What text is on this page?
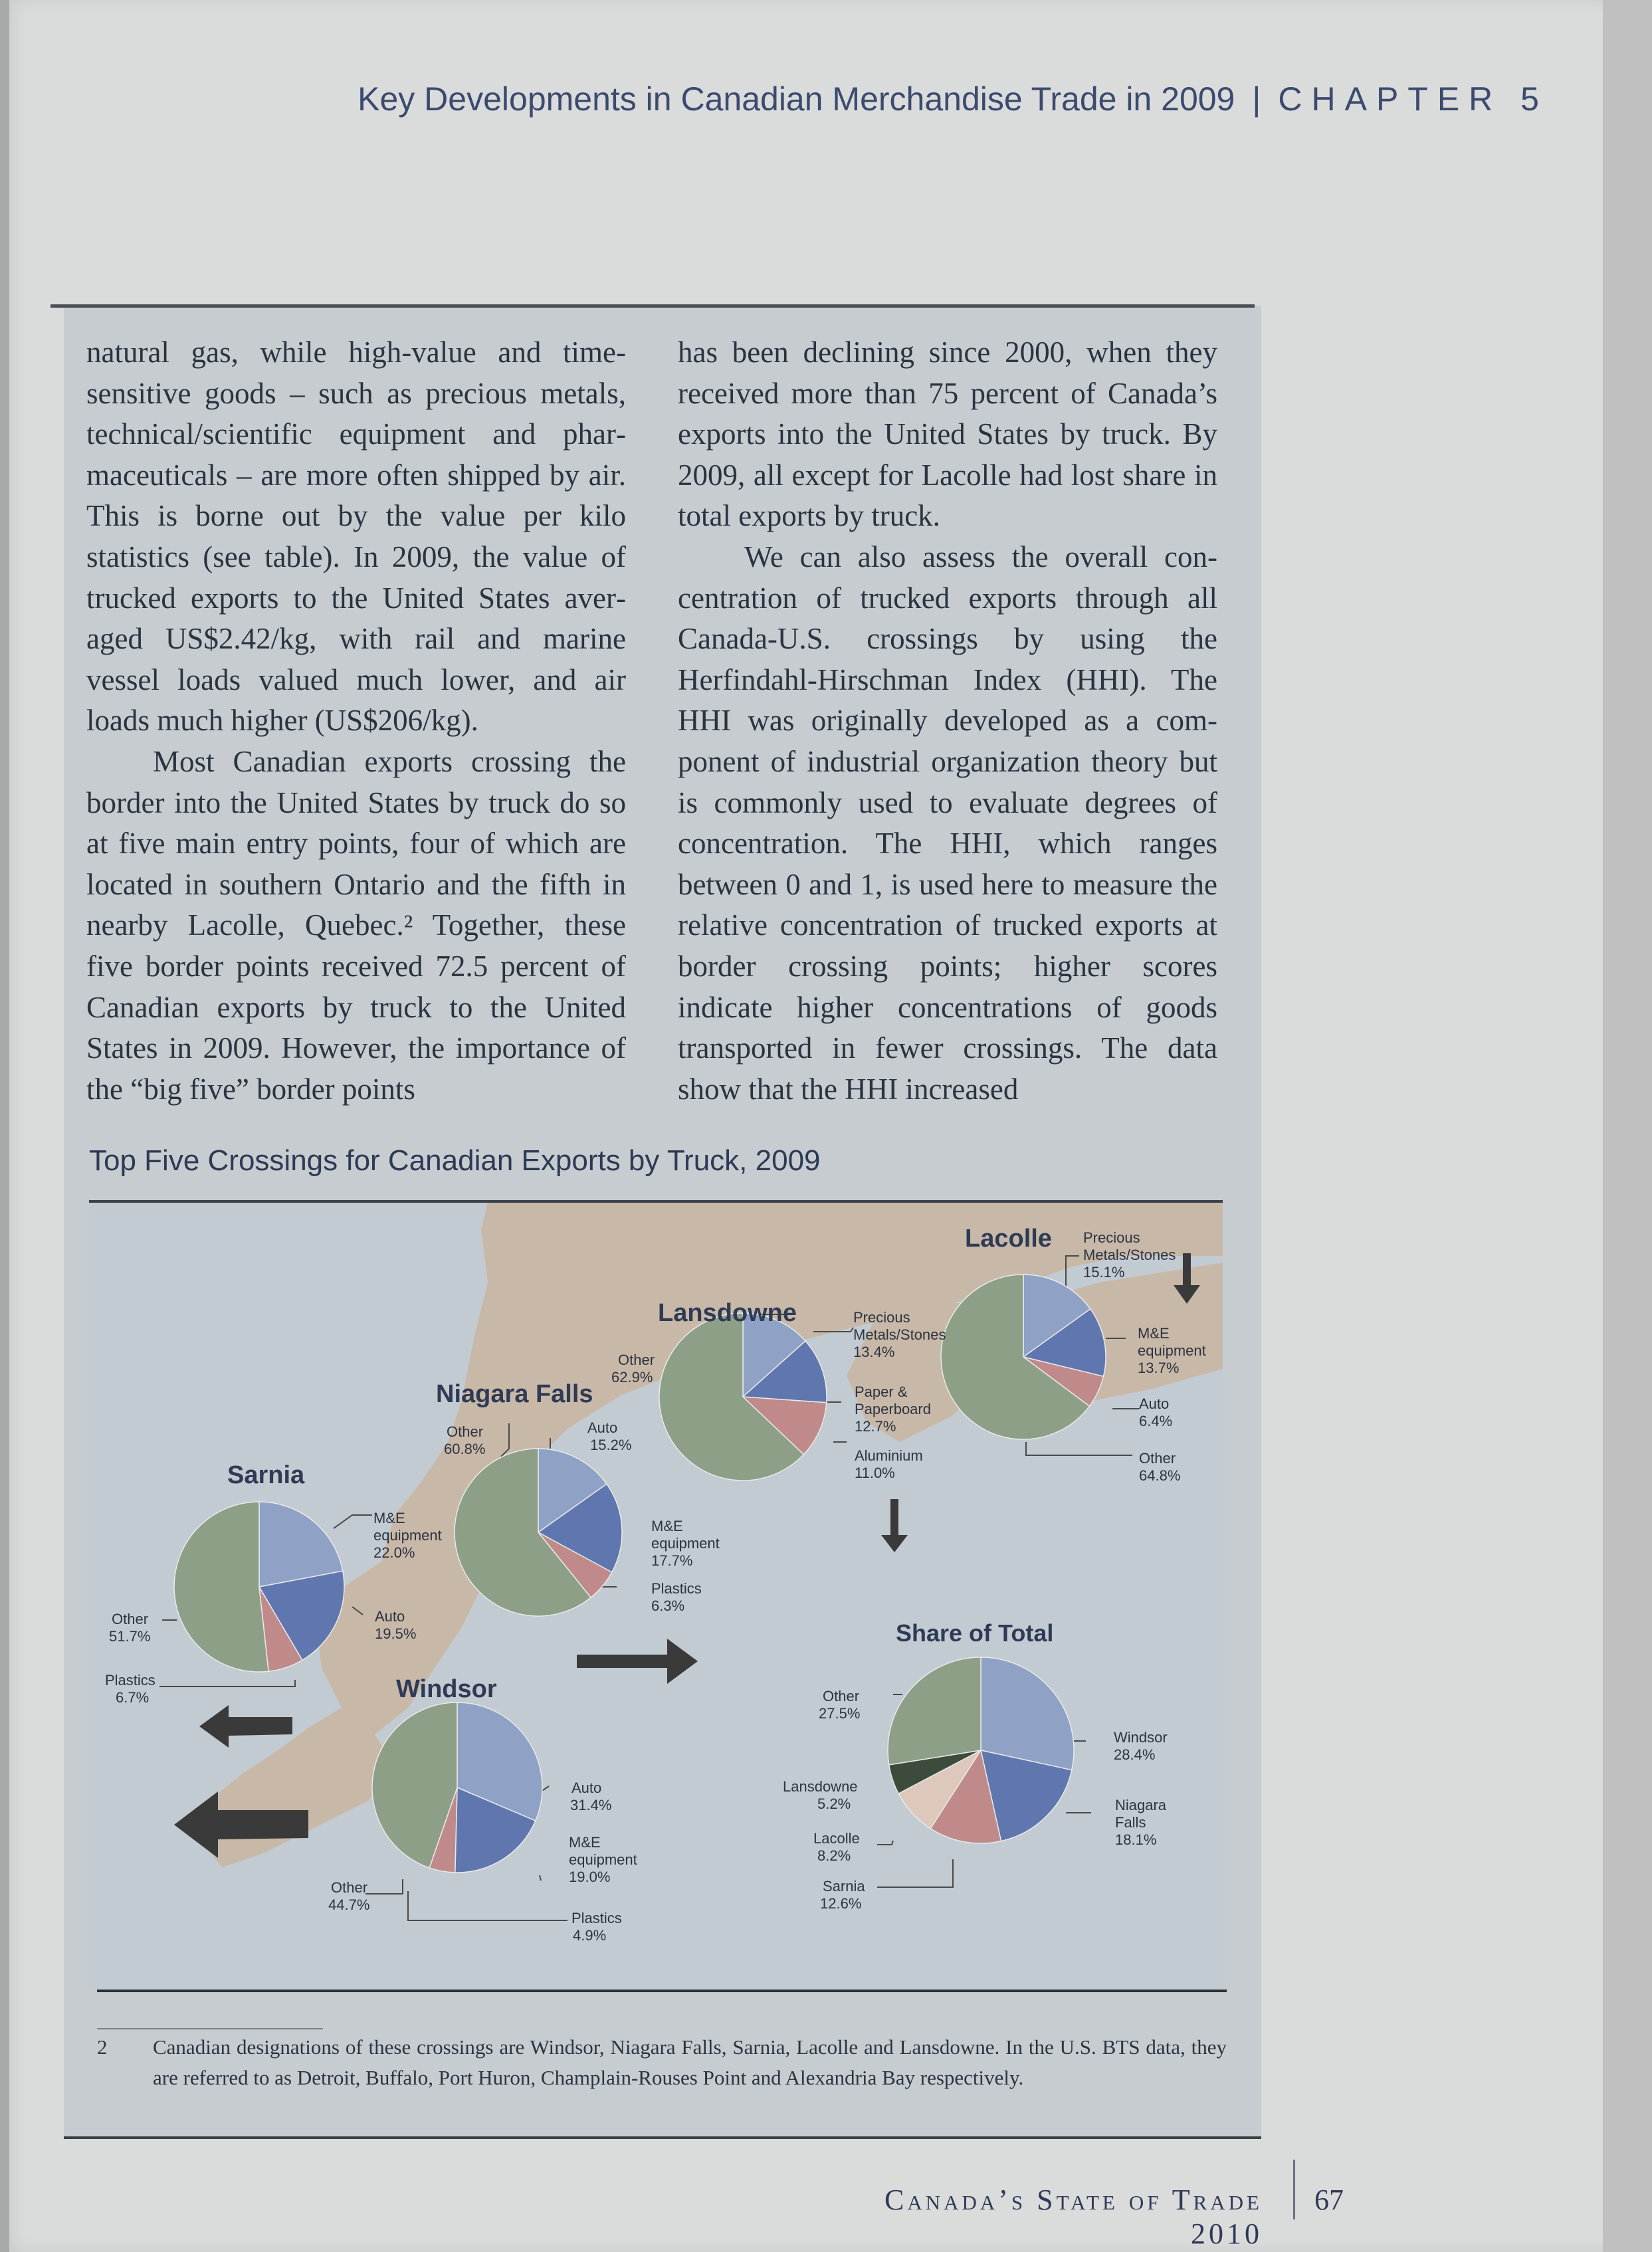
Key Developments in Canadian Merchandise Trade in 2009 | CHAPTER 5

natural gas, while high-value and time-sensitive goods – such as precious metals, technical/scientific equipment and pharmaceuticals – are more often shipped by air. This is borne out by the value per kilo statistics (see table). In 2009, the value of trucked exports to the United States averaged US$2.42/kg, with rail and marine vessel loads valued much lower, and air loads much higher (US$206/kg).

Most Canadian exports crossing the border into the United States by truck do so at five main entry points, four of which are located in southern Ontario and the fifth in nearby Lacolle, Quebec.² Together, these five border points received 72.5 percent of Canadian exports by truck to the United States in 2009. However, the importance of the “big five” border points

has been declining since 2000, when they received more than 75 percent of Canada’s exports into the United States by truck. By 2009, all except for Lacolle had lost share in total exports by truck.

We can also assess the overall concentration of trucked exports through all Canada-U.S. crossings by using the Herfindahl-Hirschman Index (HHI). The HHI was originally developed as a component of industrial organization theory but is commonly used to evaluate degrees of concentration. The HHI, which ranges between 0 and 1, is used here to measure the relative concentration of trucked exports at border crossing points; higher scores indicate higher concentrations of goods transported in fewer crossings. The data show that the HHI increased

Top Five Crossings for Canadian Exports by Truck, 2009
Sarnia
Windsor
Niagara Falls
Lansdowne
Lacolle
Share of Total
M&E equipment 22.0%
Auto 19.5%
Other 51.7%
Plastics 6.7%
Auto 31.4%
M&E equipment 19.0%
Plastics 4.9%
Other 44.7%
Other 60.8%
Auto 15.2%
M&E equipment 17.7%
Plastics 6.3%
Other 62.9%
Precious Metals/Stones 13.4%
Paper & Paperboard 12.7%
Aluminium 11.0%
Precious Metals/Stones 15.1%
M&E equipment 13.7%
Auto 6.4%
Other 64.8%
Windsor 28.4%
Niagara Falls 18.1%
Other 27.5%
Lansdowne 5.2%
Lacolle 8.2%
Sarnia 12.6%
2 Canadian designations of these crossings are Windsor, Niagara Falls, Sarnia, Lacolle and Lansdowne. In the U.S. BTS data, they are referred to as Detroit, Buffalo, Port Huron, Champlain-Rouses Point and Alexandria Bay respectively.
Canada’s State of Trade 2010
67
